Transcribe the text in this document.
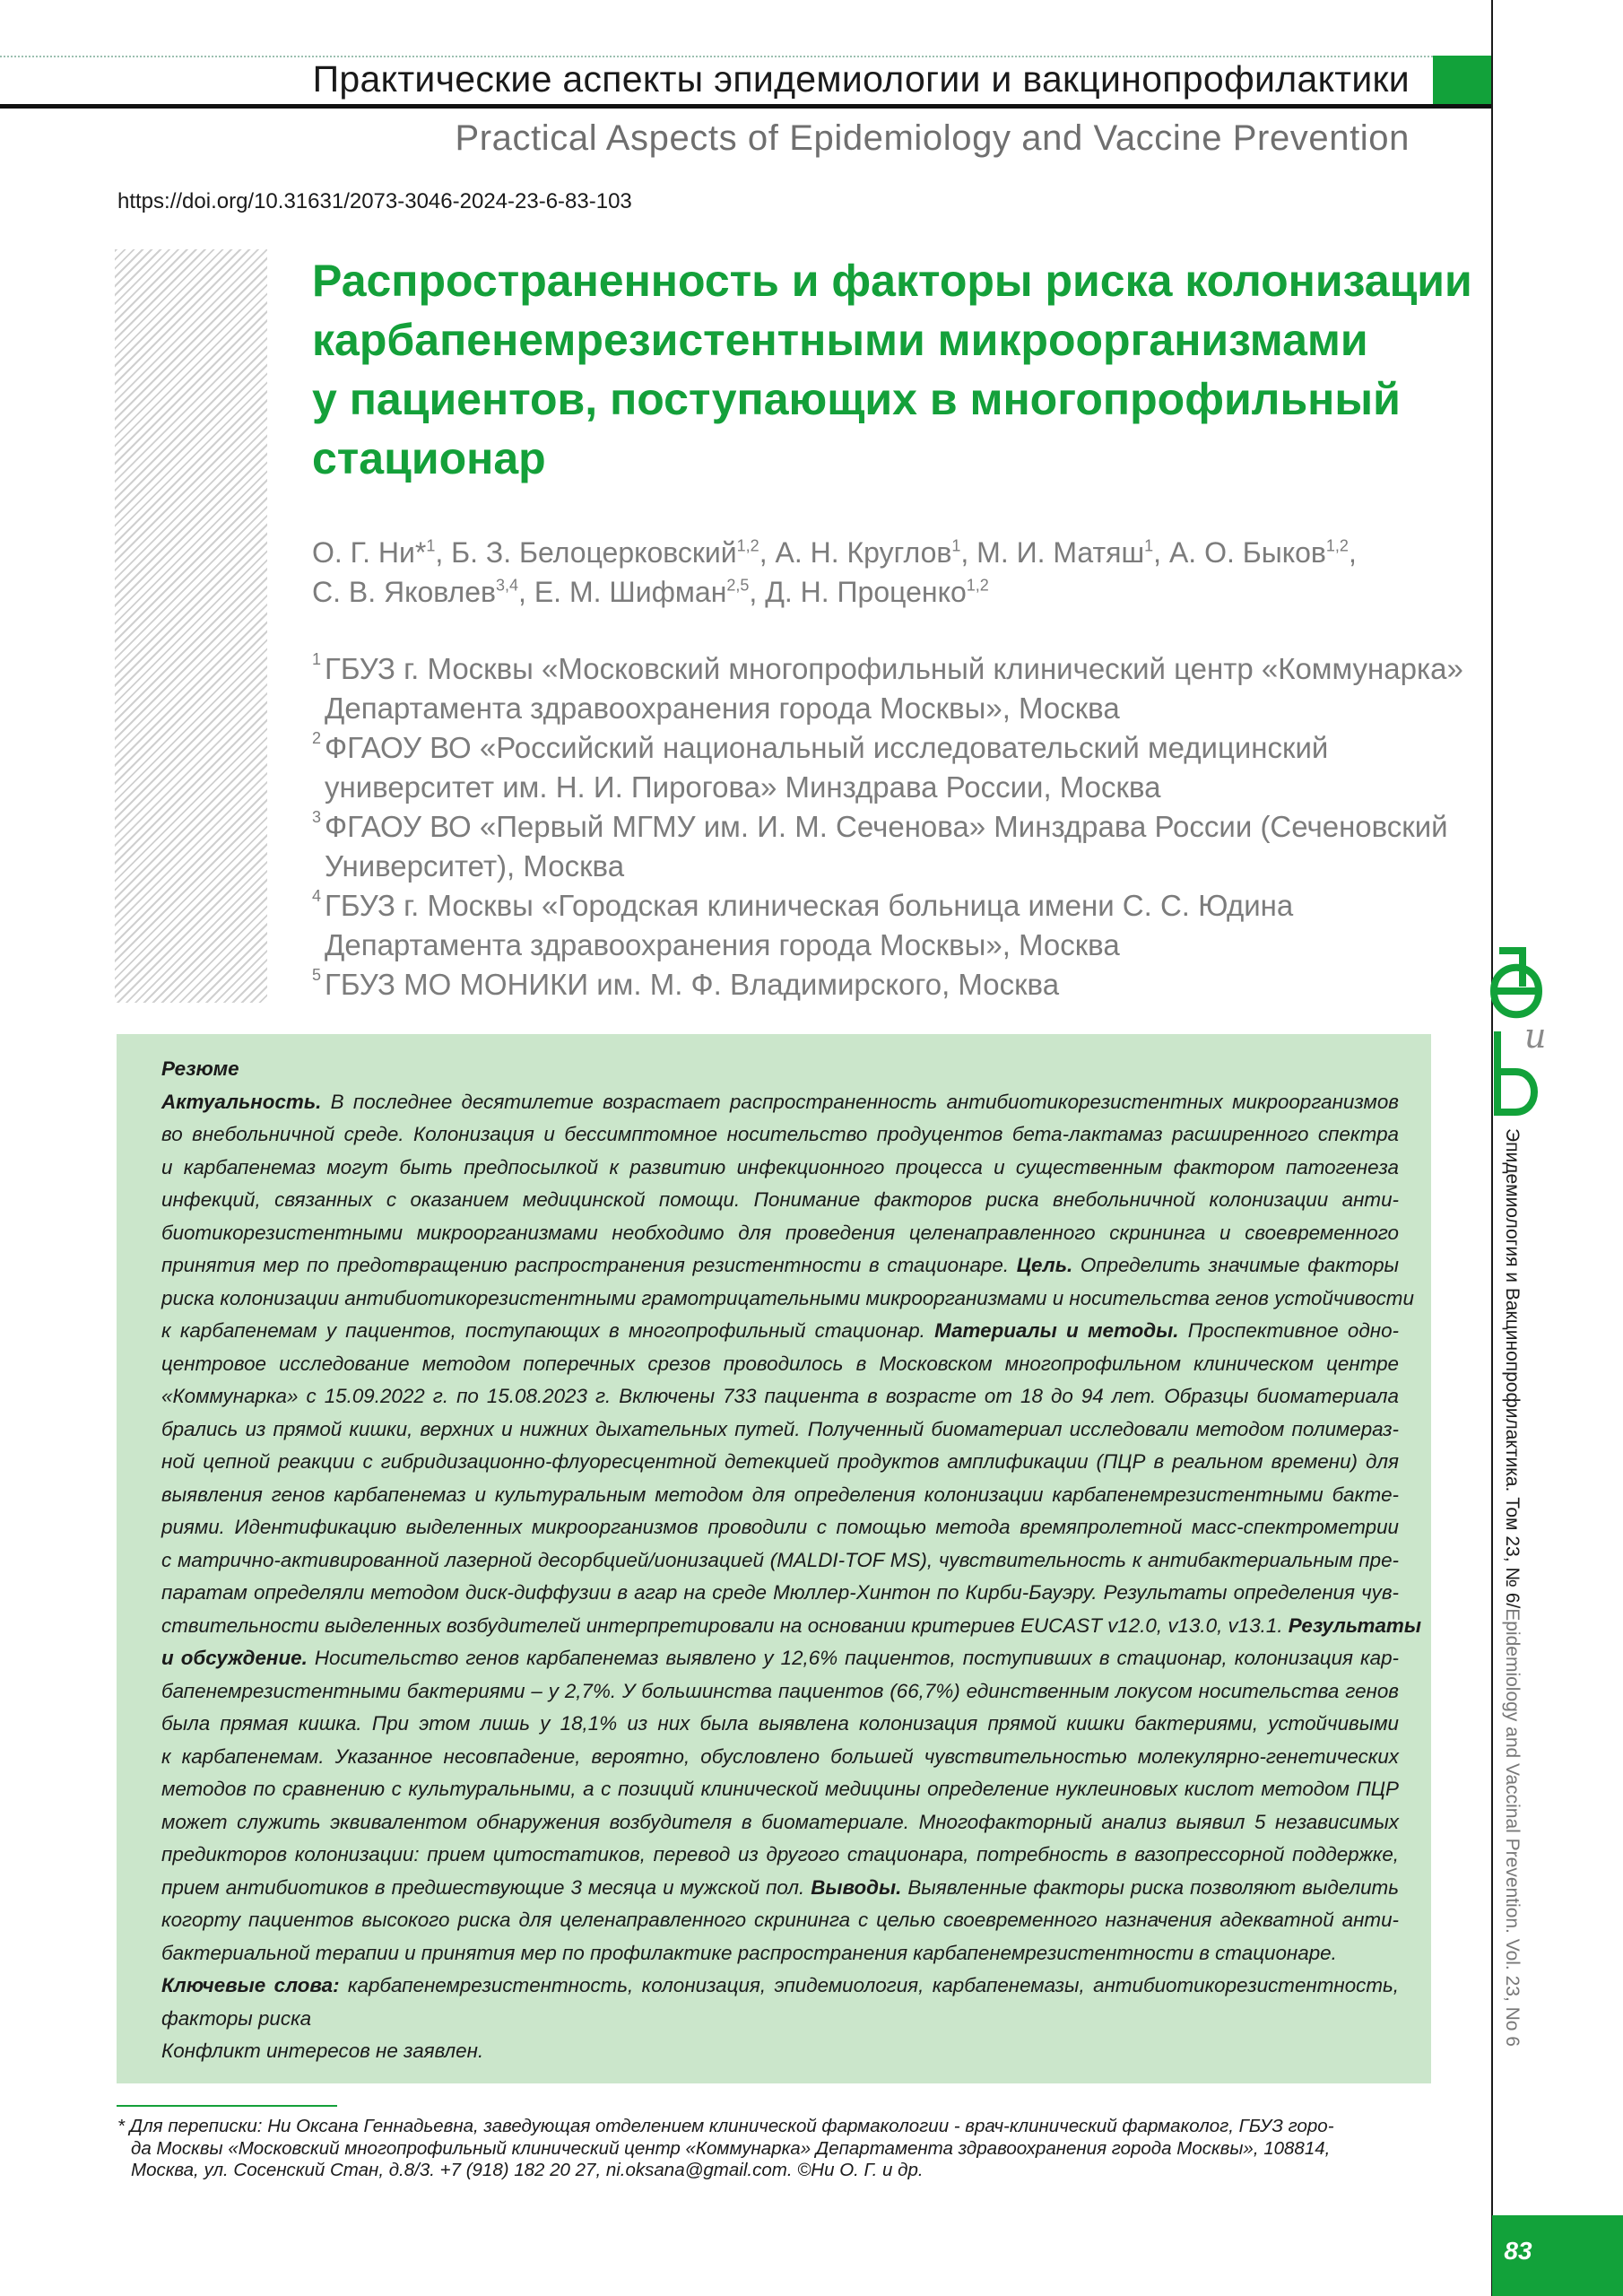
Практические аспекты эпидемиологии и вакцинопрофилактики
Practical Aspects of Epidemiology and Vaccine Prevention
https://doi.org/10.31631/2073-3046-2024-23-6-83-103
u
Эпидемиология и Вакцинопрофилактика. Том 23, № 6/Epidemiology and Vaccinal Prevention. Vol. 23, No 6
83
Распространенность и факторы риска колонизации
карбапенемрезистентными микроорганизмами
у пациентов, поступающих в многопрофильный
стационар
О. Г. Ни*$^1$, Б. З. Белоцерковский$^{1,2}$, А. Н. Круглов$^1$, М. И. Матяш$^1$, А. О. Быков$^{1,2}$,
С. В. Яковлев$^{3,4}$, Е. М. Шифман$^{2,5}$, Д. Н. Проценко$^{1,2}$
1 ГБУЗ г. Москвы «Московский многопрофильный клинический центр «Коммунарка»
Департамента здравоохранения города Москвы», Москва
2 ФГАОУ ВО «Российский национальный исследовательский медицинский
университет им. Н. И. Пирогова» Минздрава России, Москва
3 ФГАОУ ВО «Первый МГМУ им. И. М. Сеченова» Минздрава России (Сеченовский
Университет), Москва
4 ГБУЗ г. Москвы «Городская клиническая больница имени С. С. Юдина
Департамента здравоохранения города Москвы», Москва
5 ГБУЗ МО МОНИКИ им. М. Ф. Владимирского, Москва
Резюме
Актуальность. В последнее десятилетие возрастает распространенность антибиотикорезистентных микроорганизмов
во внебольничной среде. Колонизация и бессимптомное носительство продуцентов бета-лактамаз расширенного спектра
и карбапенемаз могут быть предпосылкой к развитию инфекционного процесса и существенным фактором патогенеза
инфекций, связанных с оказанием медицинской помощи. Понимание факторов риска внебольничной колонизации анти-
биотикорезистентными микроорганизмами необходимо для проведения целенаправленного скрининга и своевременного
принятия мер по предотвращению распространения резистентности в стационаре. Цель. Определить значимые факторы
риска колонизации антибиотикорезистентными грамотрицательными микроорганизмами и носительства генов устойчивости
к карбапенемам у пациентов, поступающих в многопрофильный стационар. Материалы и методы. Проспективное одно-
центровое исследование методом поперечных срезов проводилось в Московском многопрофильном клиническом центре
«Коммунарка» с 15.09.2022 г. по 15.08.2023 г. Включены 733 пациента в возрасте от 18 до 94 лет. Образцы биоматериала
брались из прямой кишки, верхних и нижних дыхательных путей. Полученный биоматериал исследовали методом полимераз-
ной цепной реакции с гибридизационно-флуоресцентной детекцией продуктов амплификации (ПЦР в реальном времени) для
выявления генов карбапенемаз и культуральным методом для определения колонизации карбапенемрезистентными бакте-
риями. Идентификацию выделенных микроорганизмов проводили с помощью метода времяпролетной масс-спектрометрии
с матрично-активированной лазерной десорбцией/ионизацией (MALDI-TOF MS), чувствительность к антибактериальным пре-
паратам определяли методом диск-диффузии в агар на среде Мюллер-Хинтон по Кирби-Бауэру. Результаты определения чув-
ствительности выделенных возбудителей интерпретировали на основании критериев EUCAST v12.0, v13.0, v13.1. Результаты
и обсуждение. Носительство генов карбапенемаз выявлено у 12,6% пациентов, поступивших в стационар, колонизация кар-
бапенемрезистентными бактериями – у 2,7%. У большинства пациентов (66,7%) единственным локусом носительства генов
была прямая кишка. При этом лишь у 18,1% из них была выявлена колонизация прямой кишки бактериями, устойчивыми
к карбапенемам. Указанное несовпадение, вероятно, обусловлено большей чувствительностью молекулярно-генетических
методов по сравнению с культуральными, а с позиций клинической медицины определение нуклеиновых кислот методом ПЦР
может служить эквивалентом обнаружения возбудителя в биоматериале. Многофакторный анализ выявил 5 независимых
предикторов колонизации: прием цитостатиков, перевод из другого стационара, потребность в вазопрессорной поддержке,
прием антибиотиков в предшествующие 3 месяца и мужской пол. Выводы. Выявленные факторы риска позволяют выделить
когорту пациентов высокого риска для целенаправленного скрининга с целью своевременного назначения адекватной анти-
бактериальной терапии и принятия мер по профилактике распространения карбапенемрезистентности в стационаре.
Ключевые слова: карбапенемрезистентность, колонизация, эпидемиология, карбапенемазы, антибиотикорезистентность,
факторы риска
Конфликт интересов не заявлен.
* Для переписки: Ни Оксана Геннадьевна, заведующая отделением клинической фармакологии - врач-клинический фармаколог, ГБУЗ горо-
да Москвы «Московский многопрофильный клинический центр «Коммунарка» Департамента здравоохранения города Москвы», 108814,
Москва, ул. Сосенский Стан, д.8/3. +7 (918) 182 20 27, ni.oksana@gmail.com. ©Ни О. Г. и др.
